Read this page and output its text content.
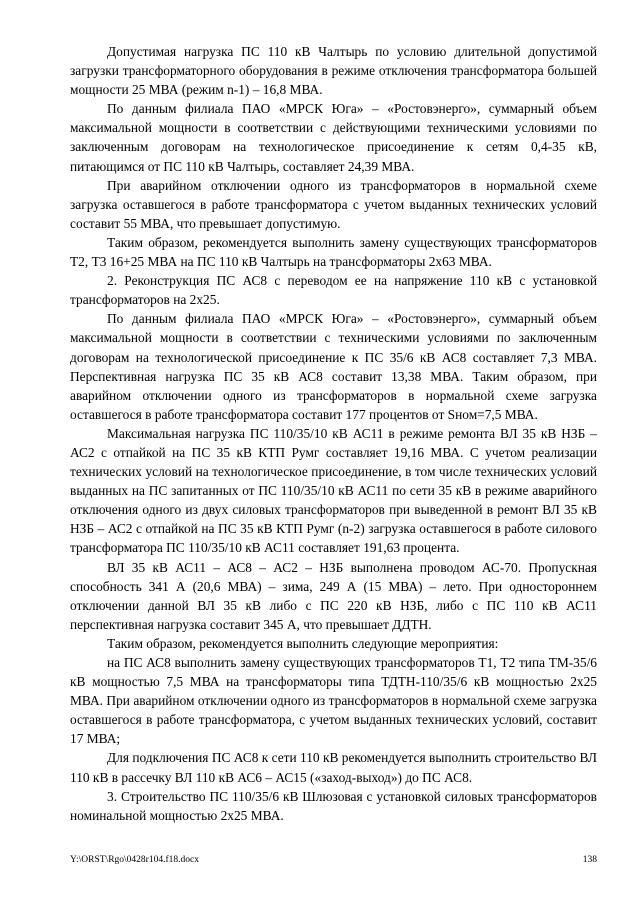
Допустимая нагрузка ПС 110 кВ Чалтырь по условию длительной допустимой загрузки трансформаторного оборудования в режиме отключения трансформатора большей мощности 25 МВА (режим n-1) – 16,8 МВА.

По данным филиала ПАО «МРСК Юга» – «Ростовэнерго», суммарный объем максимальной мощности в соответствии с действующими техническими условиями по заключенным договорам на технологическое присоединение к сетям 0,4-35 кВ, питающимся от ПС 110 кВ Чалтырь, составляет 24,39 МВА.

При аварийном отключении одного из трансформаторов в нормальной схеме загрузка оставшегося в работе трансформатора с учетом выданных технических условий составит 55 МВА, что превышает допустимую.

Таким образом, рекомендуется выполнить замену существующих трансформаторов Т2, Т3 16+25 МВА на ПС 110 кВ Чалтырь на трансформаторы 2х63 МВА.

2. Реконструкция ПС АС8 с переводом ее на напряжение 110 кВ с установкой трансформаторов на 2х25.

По данным филиала ПАО «МРСК Юга» – «Ростовэнерго», суммарный объем максимальной мощности в соответствии с техническими условиями по заключенным договорам на технологической присоединение к ПС 35/6 кВ АС8 составляет 7,3 МВА. Перспективная нагрузка ПС 35 кВ АС8 составит 13,38 МВА. Таким образом, при аварийном отключении одного из трансформаторов в нормальной схеме загрузка оставшегося в работе трансформатора составит 177 процентов от Sном=7,5 МВА.

Максимальная нагрузка ПС 110/35/10 кВ АС11 в режиме ремонта ВЛ 35 кВ НЗБ – АС2 с отпайкой на ПС 35 кВ КТП Румг составляет 19,16 МВА. С учетом реализации технических условий на технологическое присоединение, в том числе технических условий выданных на ПС запитанных от ПС 110/35/10 кВ АС11 по сети 35 кВ в режиме аварийного отключения одного из двух силовых трансформаторов при выведенной в ремонт ВЛ 35 кВ НЗБ – АС2 с отпайкой на ПС 35 кВ КТП Румг (n-2) загрузка оставшегося в работе силового трансформатора ПС 110/35/10 кВ АС11 составляет 191,63 процента.

ВЛ 35 кВ АС11 – АС8 – АС2 – НЗБ выполнена проводом АС-70. Пропускная способность 341 А (20,6 МВА) – зима, 249 А (15 МВА) – лето. При одностороннем отключении данной ВЛ 35 кВ либо с ПС 220 кВ НЗБ, либо с ПС 110 кВ АС11 перспективная нагрузка составит 345 А, что превышает ДДТН.

Таким образом, рекомендуется выполнить следующие мероприятия:

на ПС АС8 выполнить замену существующих трансформаторов Т1, Т2 типа ТМ-35/6 кВ мощностью 7,5 МВА на трансформаторы типа ТДТН-110/35/6 кВ мощностью 2х25 МВА. При аварийном отключении одного из трансформаторов в нормальной схеме загрузка оставшегося в работе трансформатора, с учетом выданных технических условий, составит 17 МВА;

Для подключения ПС АС8 к сети 110 кВ рекомендуется выполнить строительство ВЛ 110 кВ в рассечку ВЛ 110 кВ АС6 – АС15 («заход-выход») до ПС АС8.

3. Строительство ПС 110/35/6 кВ Шлюзовая с установкой силовых трансформаторов номинальной мощностью 2х25 МВА.

Y:\ORST\Rgo\0428r104.f18.docx	138
